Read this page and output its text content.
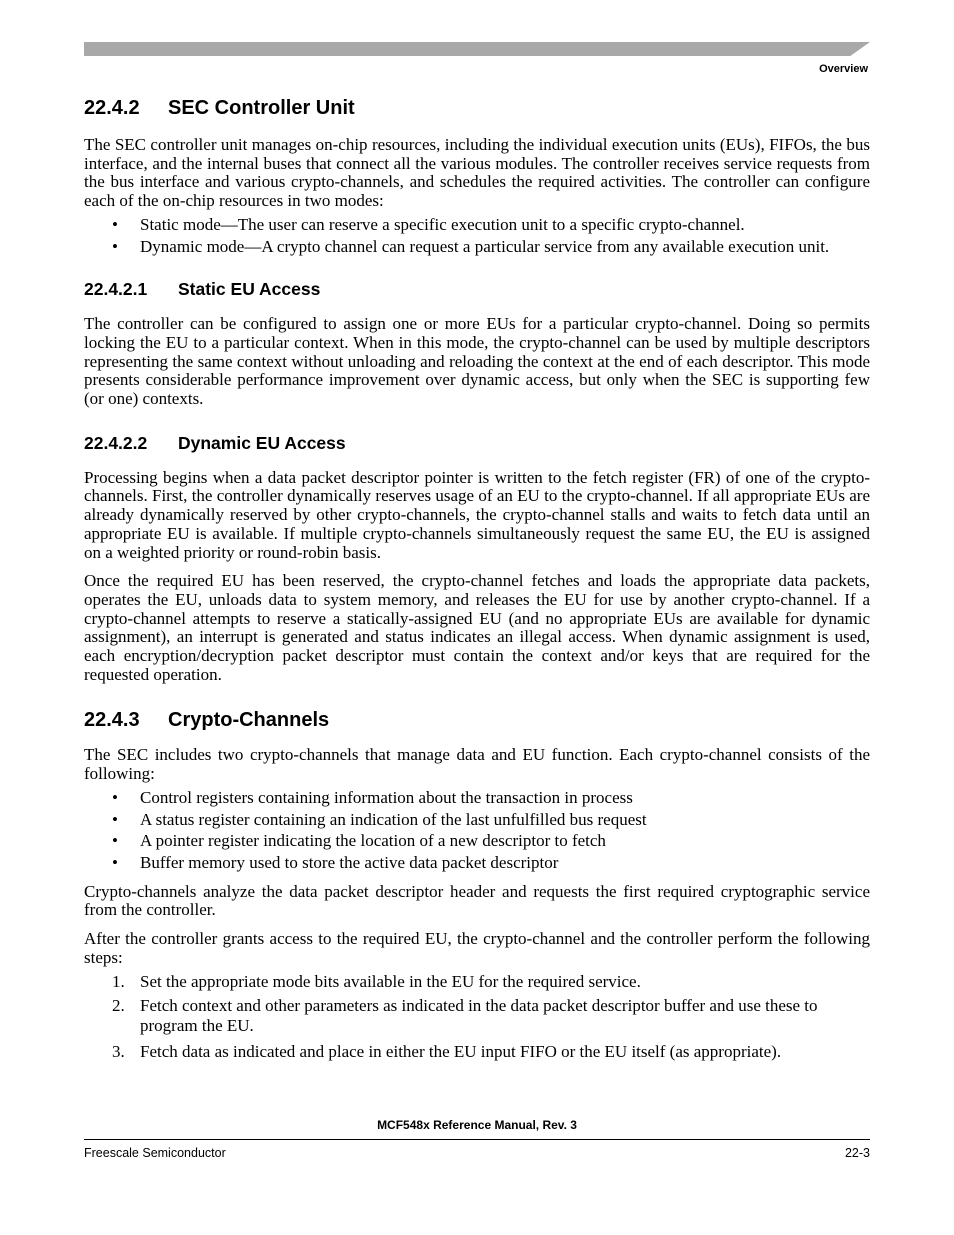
Overview
22.4.2 SEC Controller Unit

The SEC controller unit manages on-chip resources, including the individual execution units (EUs), FIFOs, the bus interface, and the internal buses that connect all the various modules. The controller receives service requests from the bus interface and various crypto-channels, and schedules the required activities. The controller can configure each of the on-chip resources in two modes:

• Static mode—The user can reserve a specific execution unit to a specific crypto-channel.
• Dynamic mode—A crypto channel can request a particular service from any available execution unit.
22.4.2.1 Static EU Access

The controller can be configured to assign one or more EUs for a particular crypto-channel. Doing so permits locking the EU to a particular context. When in this mode, the crypto-channel can be used by multiple descriptors representing the same context without unloading and reloading the context at the end of each descriptor. This mode presents considerable performance improvement over dynamic access, but only when the SEC is supporting few (or one) contexts.

22.4.2.2 Dynamic EU Access

Processing begins when a data packet descriptor pointer is written to the fetch register (FR) of one of the crypto-channels. First, the controller dynamically reserves usage of an EU to the crypto-channel. If all appropriate EUs are already dynamically reserved by other crypto-channels, the crypto-channel stalls and waits to fetch data until an appropriate EU is available. If multiple crypto-channels simultaneously request the same EU, the EU is assigned on a weighted priority or round-robin basis.

Once the required EU has been reserved, the crypto-channel fetches and loads the appropriate data packets, operates the EU, unloads data to system memory, and releases the EU for use by another crypto-channel. If a crypto-channel attempts to reserve a statically-assigned EU (and no appropriate EUs are available for dynamic assignment), an interrupt is generated and status indicates an illegal access. When dynamic assignment is used, each encryption/decryption packet descriptor must contain the context and/or keys that are required for the requested operation.

22.4.3 Crypto-Channels

The SEC includes two crypto-channels that manage data and EU function. Each crypto-channel consists of the following:

• Control registers containing information about the transaction in process
• A status register containing an indication of the last unfulfilled bus request
• A pointer register indicating the location of a new descriptor to fetch
• Buffer memory used to store the active data packet descriptor

Crypto-channels analyze the data packet descriptor header and requests the first required cryptographic service from the controller.

After the controller grants access to the required EU, the crypto-channel and the controller perform the following steps:

1. Set the appropriate mode bits available in the EU for the required service.
2. Fetch context and other parameters as indicated in the data packet descriptor buffer and use these to program the EU.
3. Fetch data as indicated and place in either the EU input FIFO or the EU itself (as appropriate).
MCF548x Reference Manual, Rev. 3
Freescale Semiconductor	22-3
